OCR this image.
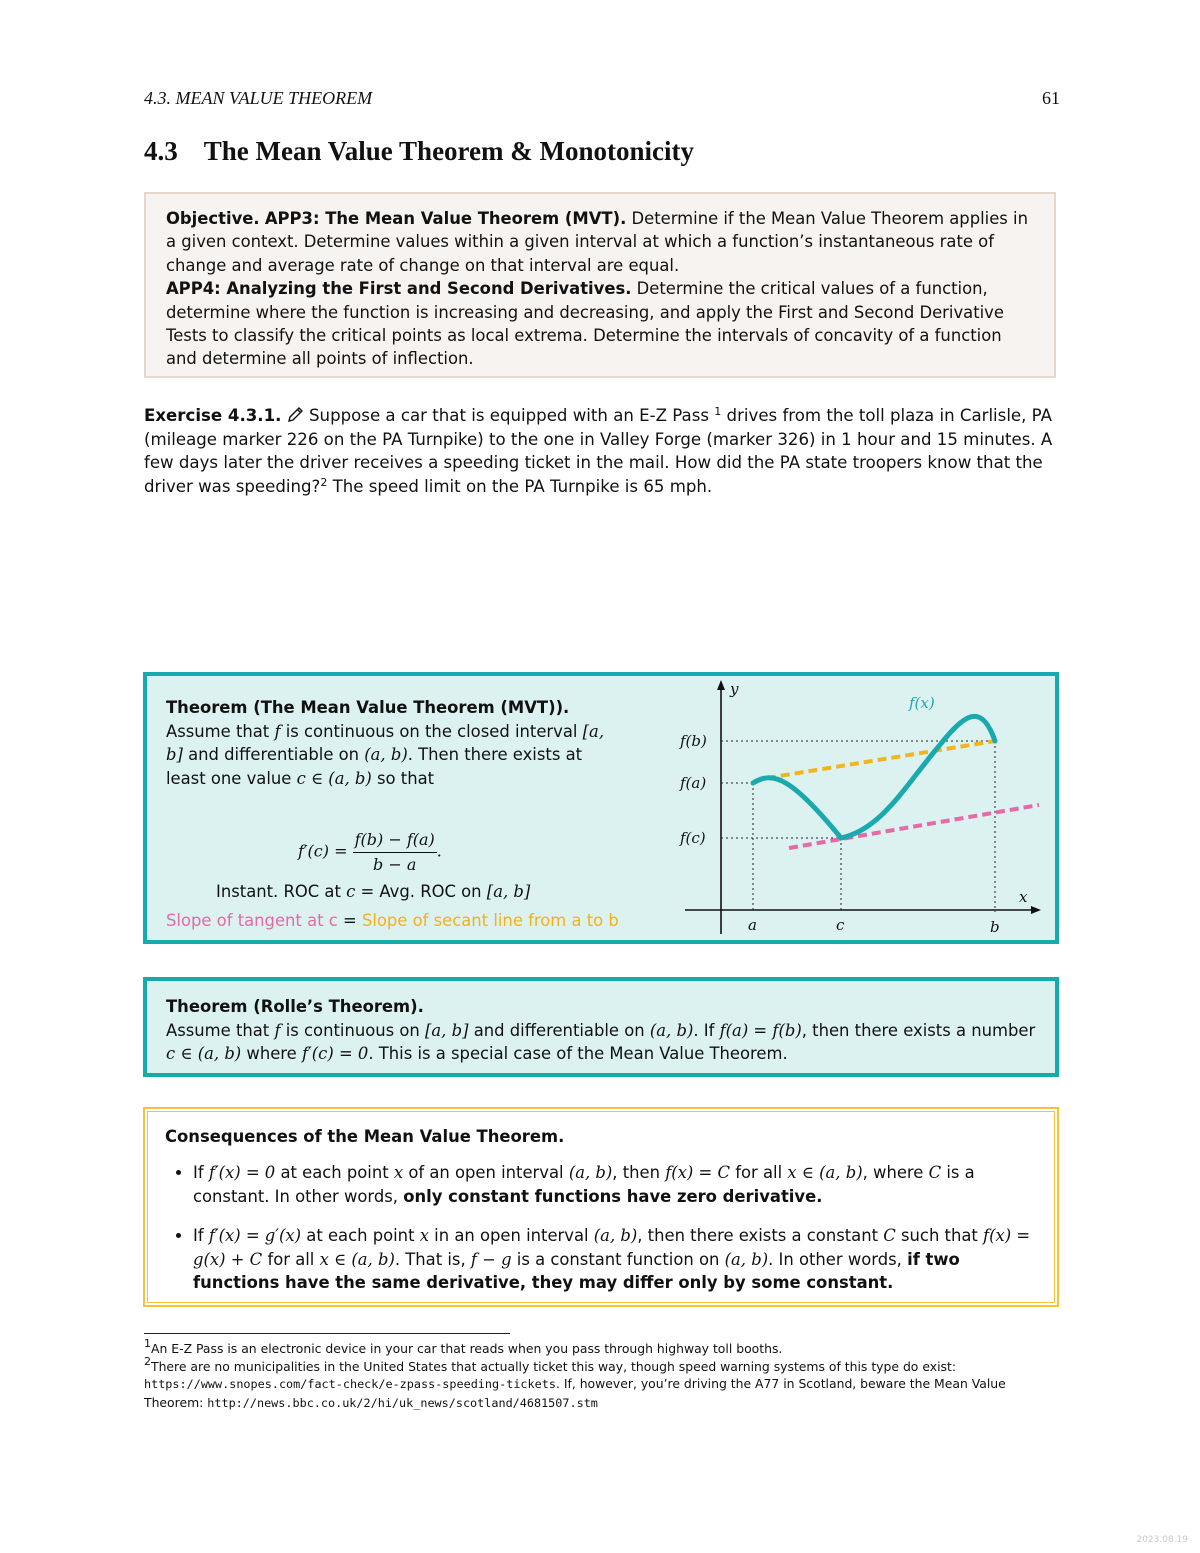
4.3. MEAN VALUE THEOREM	61
4.3 The Mean Value Theorem & Monotonicity
Objective. APP3: The Mean Value Theorem (MVT). Determine if the Mean Value Theorem applies in a given context. Determine values within a given interval at which a function’s instantaneous rate of change and average rate of change on that interval are equal.
APP4: Analyzing the First and Second Derivatives. Determine the critical values of a function, determine where the function is increasing and decreasing, and apply the First and Second Derivative Tests to classify the critical points as local extrema. Determine the intervals of concavity of a function and determine all points of inflection.
Exercise 4.3.1.  Suppose a car that is equipped with an E-Z Pass $^1$ drives from the toll plaza in Carlisle, PA (mileage marker 226 on the PA Turnpike) to the one in Valley Forge (marker 326) in 1 hour and 15 minutes. A few days later the driver receives a speeding ticket in the mail. How did the PA state troopers know that the driver was speeding?$^2$ The speed limit on the PA Turnpike is 65 mph.
Theorem (The Mean Value Theorem (MVT)).
Assume that f is continuous on the closed interval [a, b] and differentiable on (a, b). Then there exists at least one value c ∈ (a, b) so that
$f'(c) = \frac{f(b) - f(a)}{b - a}$ .
Instant. ROC at c = Avg. ROC on [a, b]
Slope of tangent at c = Slope of secant line from a to b
y
x
f(x)
f(b)
f(a)
f(c)
a	c	b
Theorem (Rolle’s Theorem).
Assume that f is continuous on [a, b] and differentiable on (a, b). If f(a) = f(b), then there exists a number c ∈ (a, b) where f′(c) = 0. This is a special case of the Mean Value Theorem.
Consequences of the Mean Value Theorem.
• If f′(x) = 0 at each point x of an open interval (a, b), then f(x) = C for all x ∈ (a, b), where C is a constant. In other words, only constant functions have zero derivative.
• If f′(x) = g′(x) at each point x in an open interval (a, b), then there exists a constant C such that f(x) = g(x) + C for all x ∈ (a, b). That is, f − g is a constant function on (a, b). In other words, if two functions have the same derivative, they may differ only by some constant.
$^1$An E-Z Pass is an electronic device in your car that reads when you pass through highway toll booths.
$^2$There are no municipalities in the United States that actually ticket this way, though speed warning systems of this type do exist: https://www.snopes.com/fact-check/e-zpass-speeding-tickets. If, however, you’re driving the A77 in Scotland, beware the Mean Value Theorem: http://news.bbc.co.uk/2/hi/uk_news/scotland/4681507.stm
2023.08.19
